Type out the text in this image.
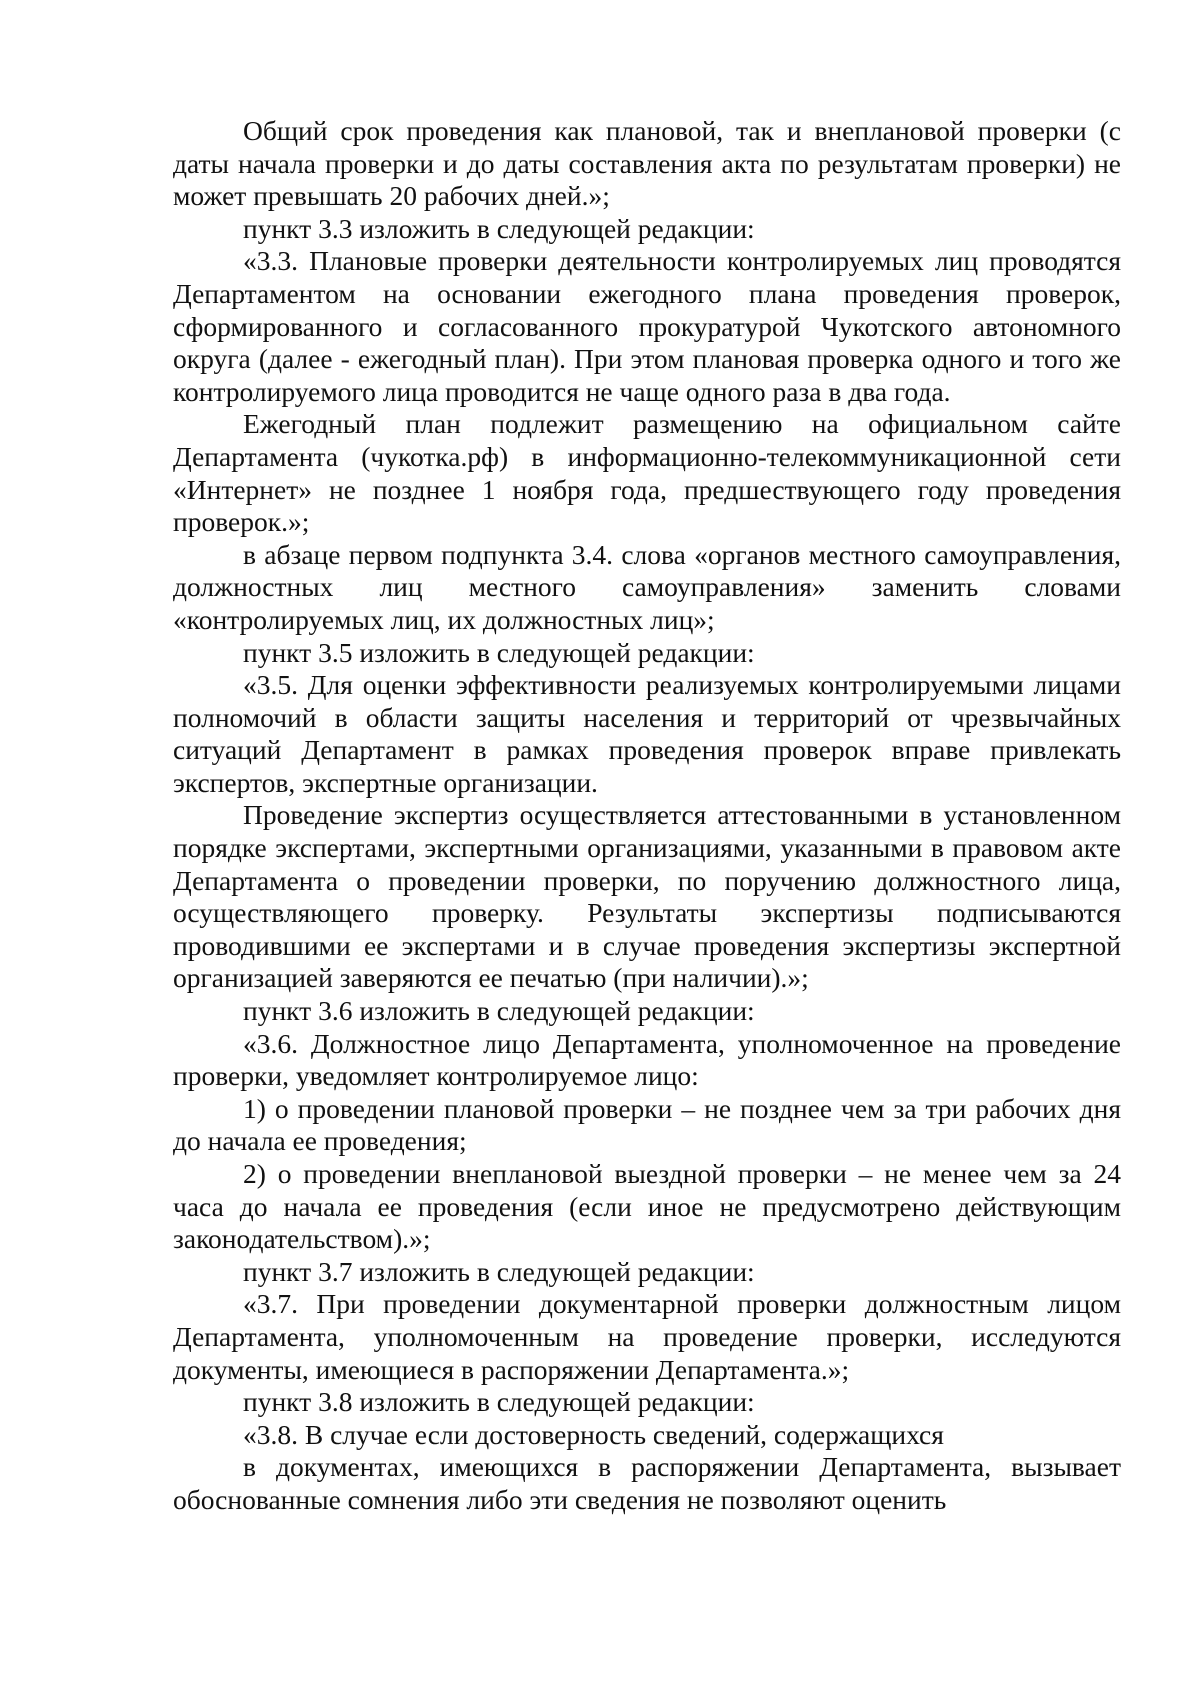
Общий срок проведения как плановой, так и внеплановой проверки (с даты начала проверки и до даты составления акта по результатам проверки) не может превышать 20 рабочих дней.»;

пункт 3.3 изложить в следующей редакции:

«3.3. Плановые проверки деятельности контролируемых лиц проводятся Департаментом на основании ежегодного плана проведения проверок, сформированного и согласованного прокуратурой Чукотского автономного округа (далее - ежегодный план). При этом плановая проверка одного и того же контролируемого лица проводится не чаще одного раза в два года.

Ежегодный план подлежит размещению на официальном сайте Департамента (чукотка.рф) в информационно-телекоммуникационной сети «Интернет» не позднее 1 ноября года, предшествующего году проведения проверок.»;

в абзаце первом подпункта 3.4. слова «органов местного самоуправления, должностных лиц местного самоуправления» заменить словами «контролируемых лиц, их должностных лиц»;

пункт 3.5 изложить в следующей редакции:

«3.5. Для оценки эффективности реализуемых контролируемыми лицами полномочий в области защиты населения и территорий от чрезвычайных ситуаций Департамент в рамках проведения проверок вправе привлекать экспертов, экспертные организации.

Проведение экспертиз осуществляется аттестованными в установленном порядке экспертами, экспертными организациями, указанными в правовом акте Департамента о проведении проверки, по поручению должностного лица, осуществляющего проверку. Результаты экспертизы подписываются проводившими ее экспертами и в случае проведения экспертизы экспертной организацией заверяются ее печатью (при наличии).»;

пункт 3.6 изложить в следующей редакции:

«3.6. Должностное лицо Департамента, уполномоченное на проведение проверки, уведомляет контролируемое лицо:

1) о проведении плановой проверки – не позднее чем за три рабочих дня до начала ее проведения;

2) о проведении внеплановой выездной проверки – не менее чем за 24 часа до начала ее проведения (если иное не предусмотрено действующим законодательством).»;

пункт 3.7 изложить в следующей редакции:

«3.7. При проведении документарной проверки должностным лицом Департамента, уполномоченным на проведение проверки, исследуются документы, имеющиеся в распоряжении Департамента.»;

пункт 3.8 изложить в следующей редакции:

«3.8. В случае если достоверность сведений, содержащихся

в документах, имеющихся в распоряжении Департамента, вызывает обоснованные сомнения либо эти сведения не позволяют оценить
